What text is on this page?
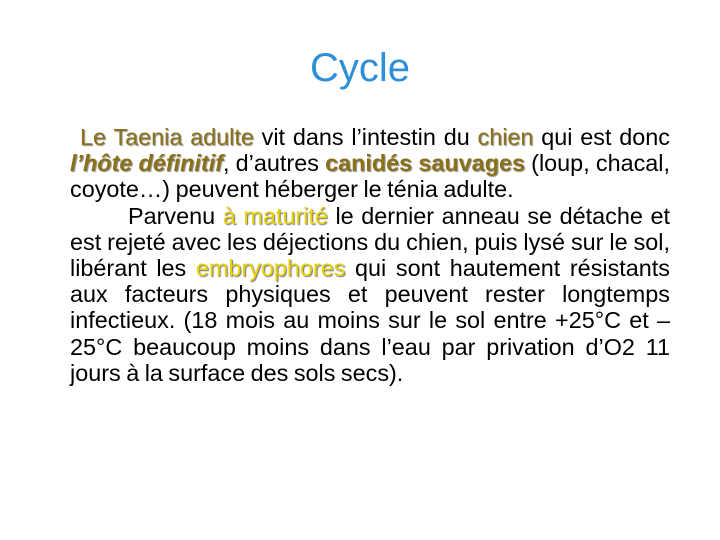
Cycle

Le Taenia adulte vit dans l’intestin du chien qui est donc l’hôte définitif, d’autres canidés sauvages (loup, chacal, coyote…) peuvent héberger le ténia adulte.

Parvenu à maturité le dernier anneau se détache et est rejeté avec les déjections du chien, puis lysé sur le sol, libérant les embryophores qui sont hautement résistants aux facteurs physiques et peuvent rester longtemps infectieux. (18 mois au moins sur le sol entre +25°C et – 25°C beaucoup moins dans l’eau par privation d’O2 11 jours à la surface des sols secs).
